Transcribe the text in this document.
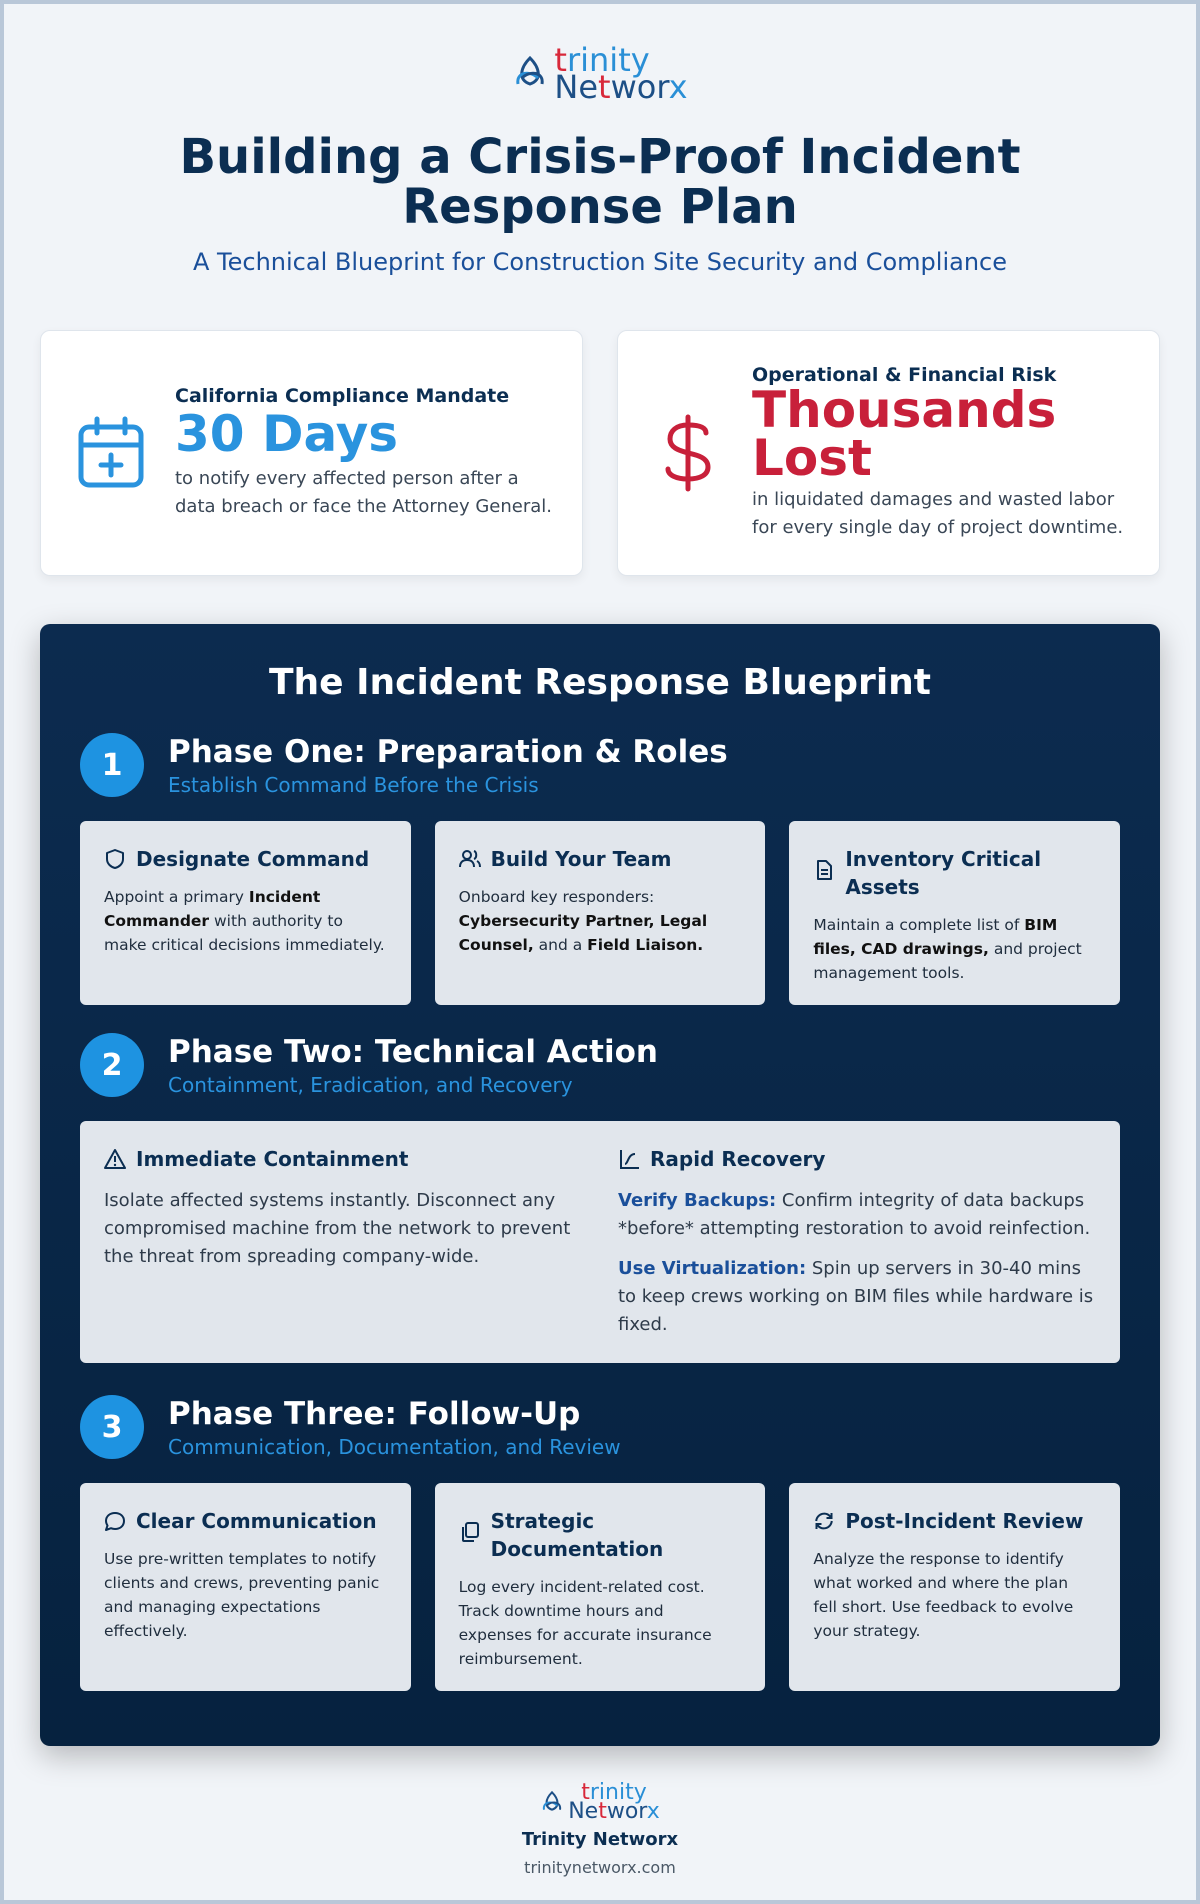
trinity
Networx
Building a Crisis-Proof Incident Response Plan
A Technical Blueprint for Construction Site Security and Compliance
California Compliance Mandate
30 Days
to notify every affected person after a data breach or face the Attorney General.
Operational & Financial Risk
Thousands Lost
in liquidated damages and wasted labor for every single day of project downtime.
The Incident Response Blueprint
1	Phase One: Preparation & Roles
Establish Command Before the Crisis
Designate Command
Appoint a primary Incident Commander with authority to make critical decisions immediately.
Build Your Team
Onboard key responders: Cybersecurity Partner, Legal Counsel, and a Field Liaison.
Inventory Critical Assets
Maintain a complete list of BIM files, CAD drawings, and project management tools.
2	Phase Two: Technical Action
Containment, Eradication, and Recovery
Immediate Containment
Isolate affected systems instantly. Disconnect any compromised machine from the network to prevent the threat from spreading company-wide.
Rapid Recovery
Verify Backups: Confirm integrity of data backups *before* attempting restoration to avoid reinfection.
Use Virtualization: Spin up servers in 30-40 mins to keep crews working on BIM files while hardware is fixed.
3	Phase Three: Follow-Up
Communication, Documentation, and Review
Clear Communication
Use pre-written templates to notify clients and crews, preventing panic and managing expectations effectively.
Strategic Documentation
Log every incident-related cost. Track downtime hours and expenses for accurate insurance reimbursement.
Post-Incident Review
Analyze the response to identify what worked and where the plan fell short. Use feedback to evolve your strategy.
trinity
Networx
Trinity Networx
trinitynetworx.com
